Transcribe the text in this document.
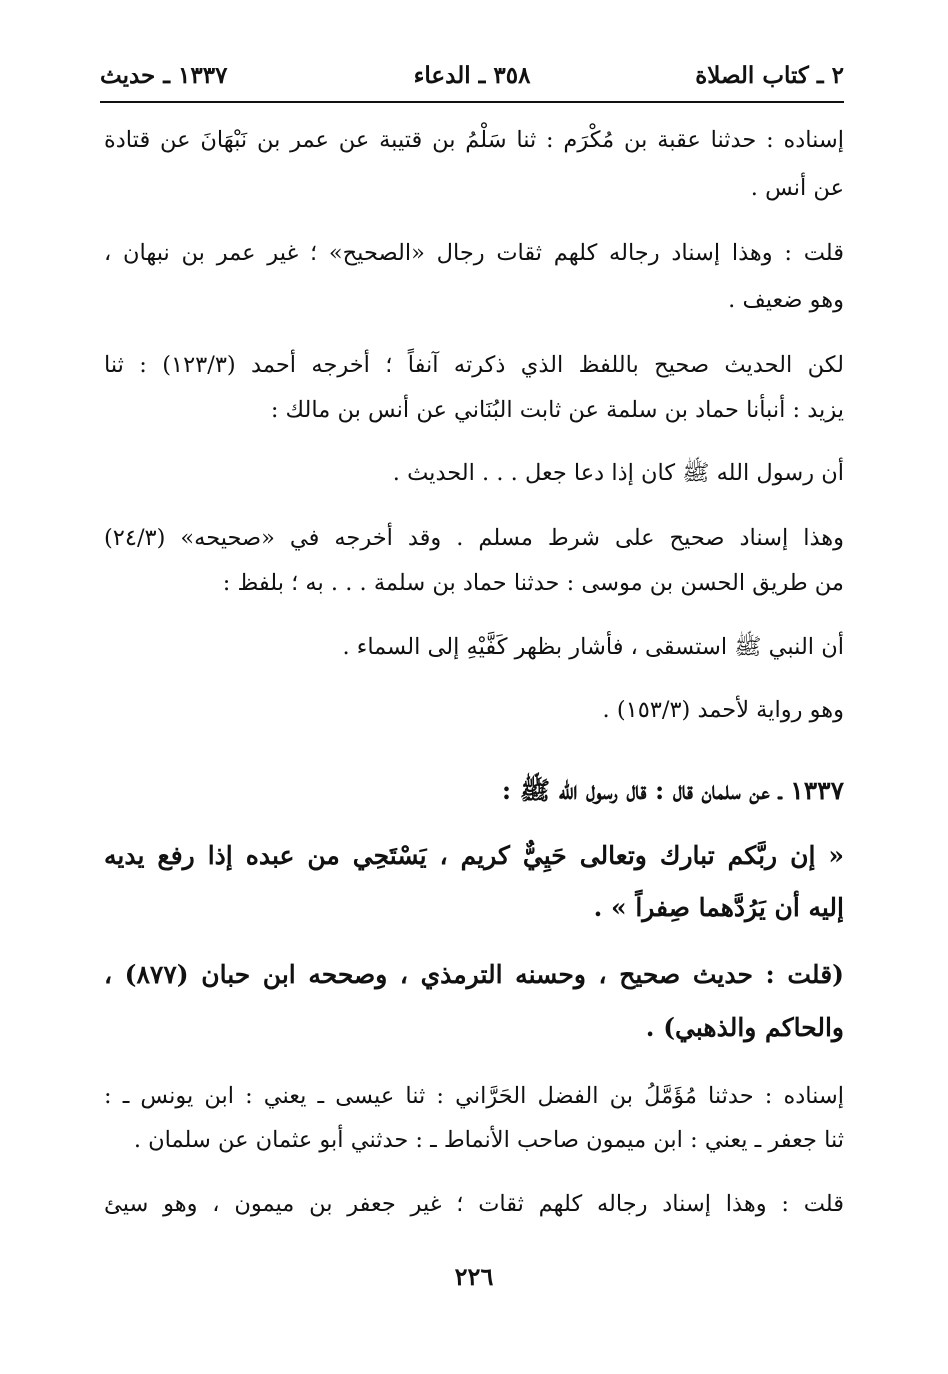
٢ ـ كتاب الصلاة
٣٥٨ ـ الدعاء
١٣٣٧ ـ حديث
إسناده : حدثنا عقبة بن مُكْرَم : ثنا سَلْمُ بن قتيبة عن عمر بن نَبْهَانَ عن قتادة
عن أنس .
قلت : وهذا إسناد رجاله كلهم ثقات رجال «الصحيح» ؛ غير عمر بن نبهان ،
وهو ضعيف .
لكن الحديث صحيح باللفظ الذي ذكرته آنفاً ؛ أخرجه أحمد (١٢٣/٣) : ثنا
يزيد : أنبأنا حماد بن سلمة عن ثابت البُنَاني عن أنس بن مالك :
أن رسول الله ﷺ كان إذا دعا جعل . . . الحديث .
وهذا إسناد صحيح على شرط مسلم . وقد أخرجه في «صحيحه» (٢٤/٣)
من طريق الحسن بن موسى : حدثنا حماد بن سلمة . . . به ؛ بلفظ :
أن النبي ﷺ استسقى ، فأشار بظهر كَفَّيْهِ إلى السماء .
وهو رواية لأحمد (١٥٣/٣) .
١٣٣٧ ـ عن سلمان قال : قال رسول الله ﷺ :
« إن ربَّكم تبارك وتعالى حَيِيٌّ كريم ، يَسْتَحِي من عبده إذا رفع يديه
إليه أن يَرُدَّهما صِفراً » .
(قلت : حديث صحيح ، وحسنه الترمذي ، وصححه ابن حبان (٨٧٧) ،
والحاكم والذهبي) .
إسناده : حدثنا مُؤَمَّلُ بن الفضل الحَرَّاني : ثنا عيسى ـ يعني : ابن يونس ـ :
ثنا جعفر ـ يعني : ابن ميمون صاحب الأنماط ـ : حدثني أبو عثمان عن سلمان .
قلت : وهذا إسناد رجاله كلهم ثقات ؛ غير جعفر بن ميمون ، وهو سيئ
٢٢٦
